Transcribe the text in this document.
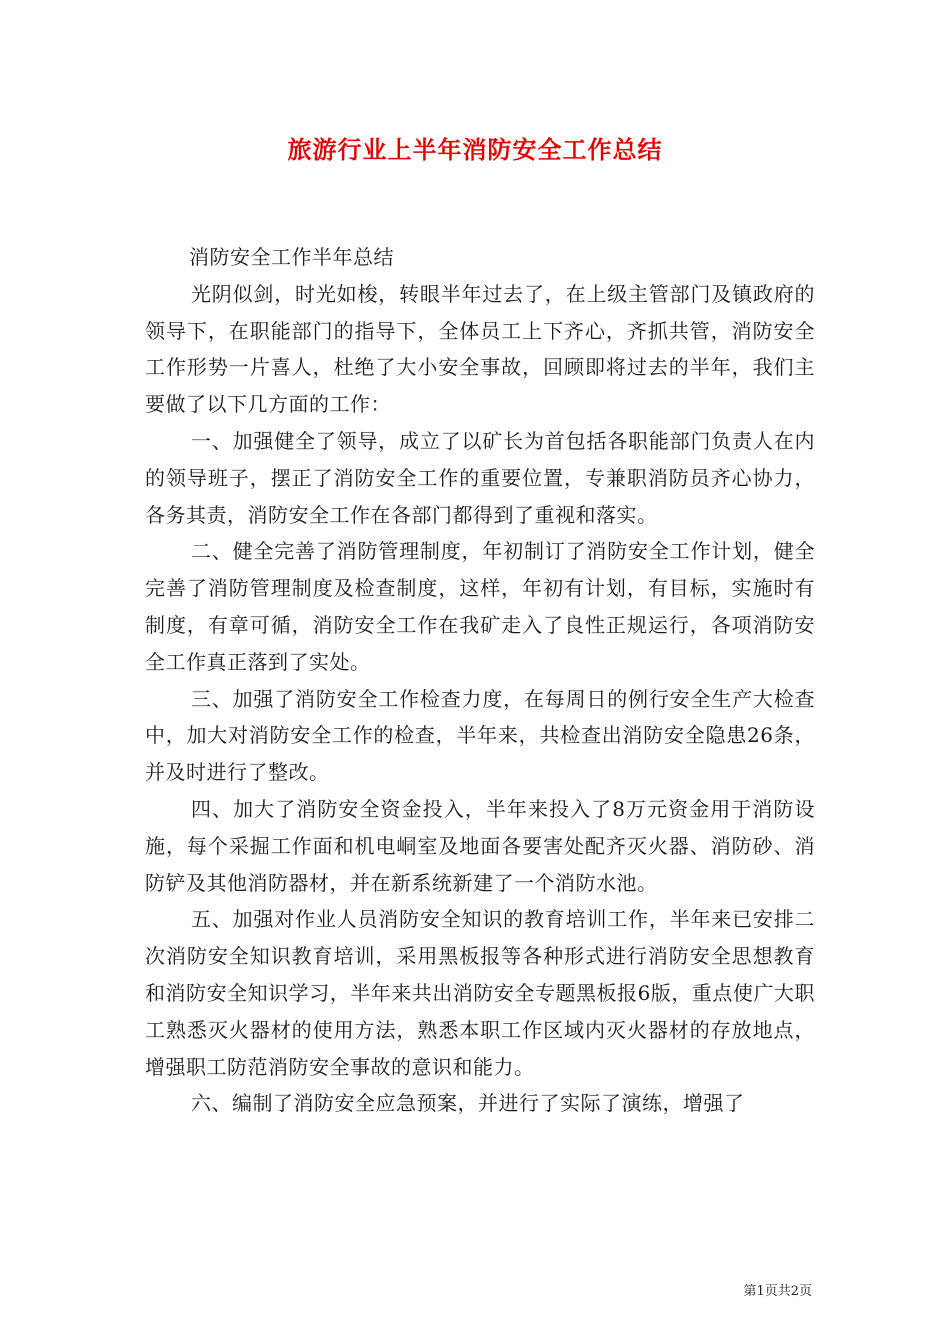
旅游行业上半年消防安全工作总结

消防安全工作半年总结

光阴似剑，时光如梭，转眼半年过去了，在上级主管部门及镇政府的领导下，在职能部门的指导下，全体员工上下齐心，齐抓共管，消防安全工作形势一片喜人，杜绝了大小安全事故，回顾即将过去的半年，我们主要做了以下几方面的工作：

一、加强健全了领导，成立了以矿长为首包括各职能部门负责人在内的领导班子，摆正了消防安全工作的重要位置，专兼职消防员齐心协力，各务其责，消防安全工作在各部门都得到了重视和落实。

二、健全完善了消防管理制度，年初制订了消防安全工作计划，健全完善了消防管理制度及检查制度，这样，年初有计划，有目标，实施时有制度，有章可循，消防安全工作在我矿走入了良性正规运行，各项消防安全工作真正落到了实处。

三、加强了消防安全工作检查力度，在每周日的例行安全生产大检查中，加大对消防安全工作的检查，半年来，共检查出消防安全隐患26条，并及时进行了整改。

四、加大了消防安全资金投入，半年来投入了8万元资金用于消防设施，每个采掘工作面和机电峒室及地面各要害处配齐灭火器、消防砂、消防铲及其他消防器材，并在新系统新建了一个消防水池。

五、加强对作业人员消防安全知识的教育培训工作，半年来已安排二次消防安全知识教育培训，采用黑板报等各种形式进行消防安全思想教育和消防安全知识学习，半年来共出消防安全专题黑板报6版，重点使广大职工熟悉灭火器材的使用方法，熟悉本职工作区域内灭火器材的存放地点，增强职工防范消防安全事故的意识和能力。

六、编制了消防安全应急预案，并进行了实际了演练，增强了

第1页共2页
